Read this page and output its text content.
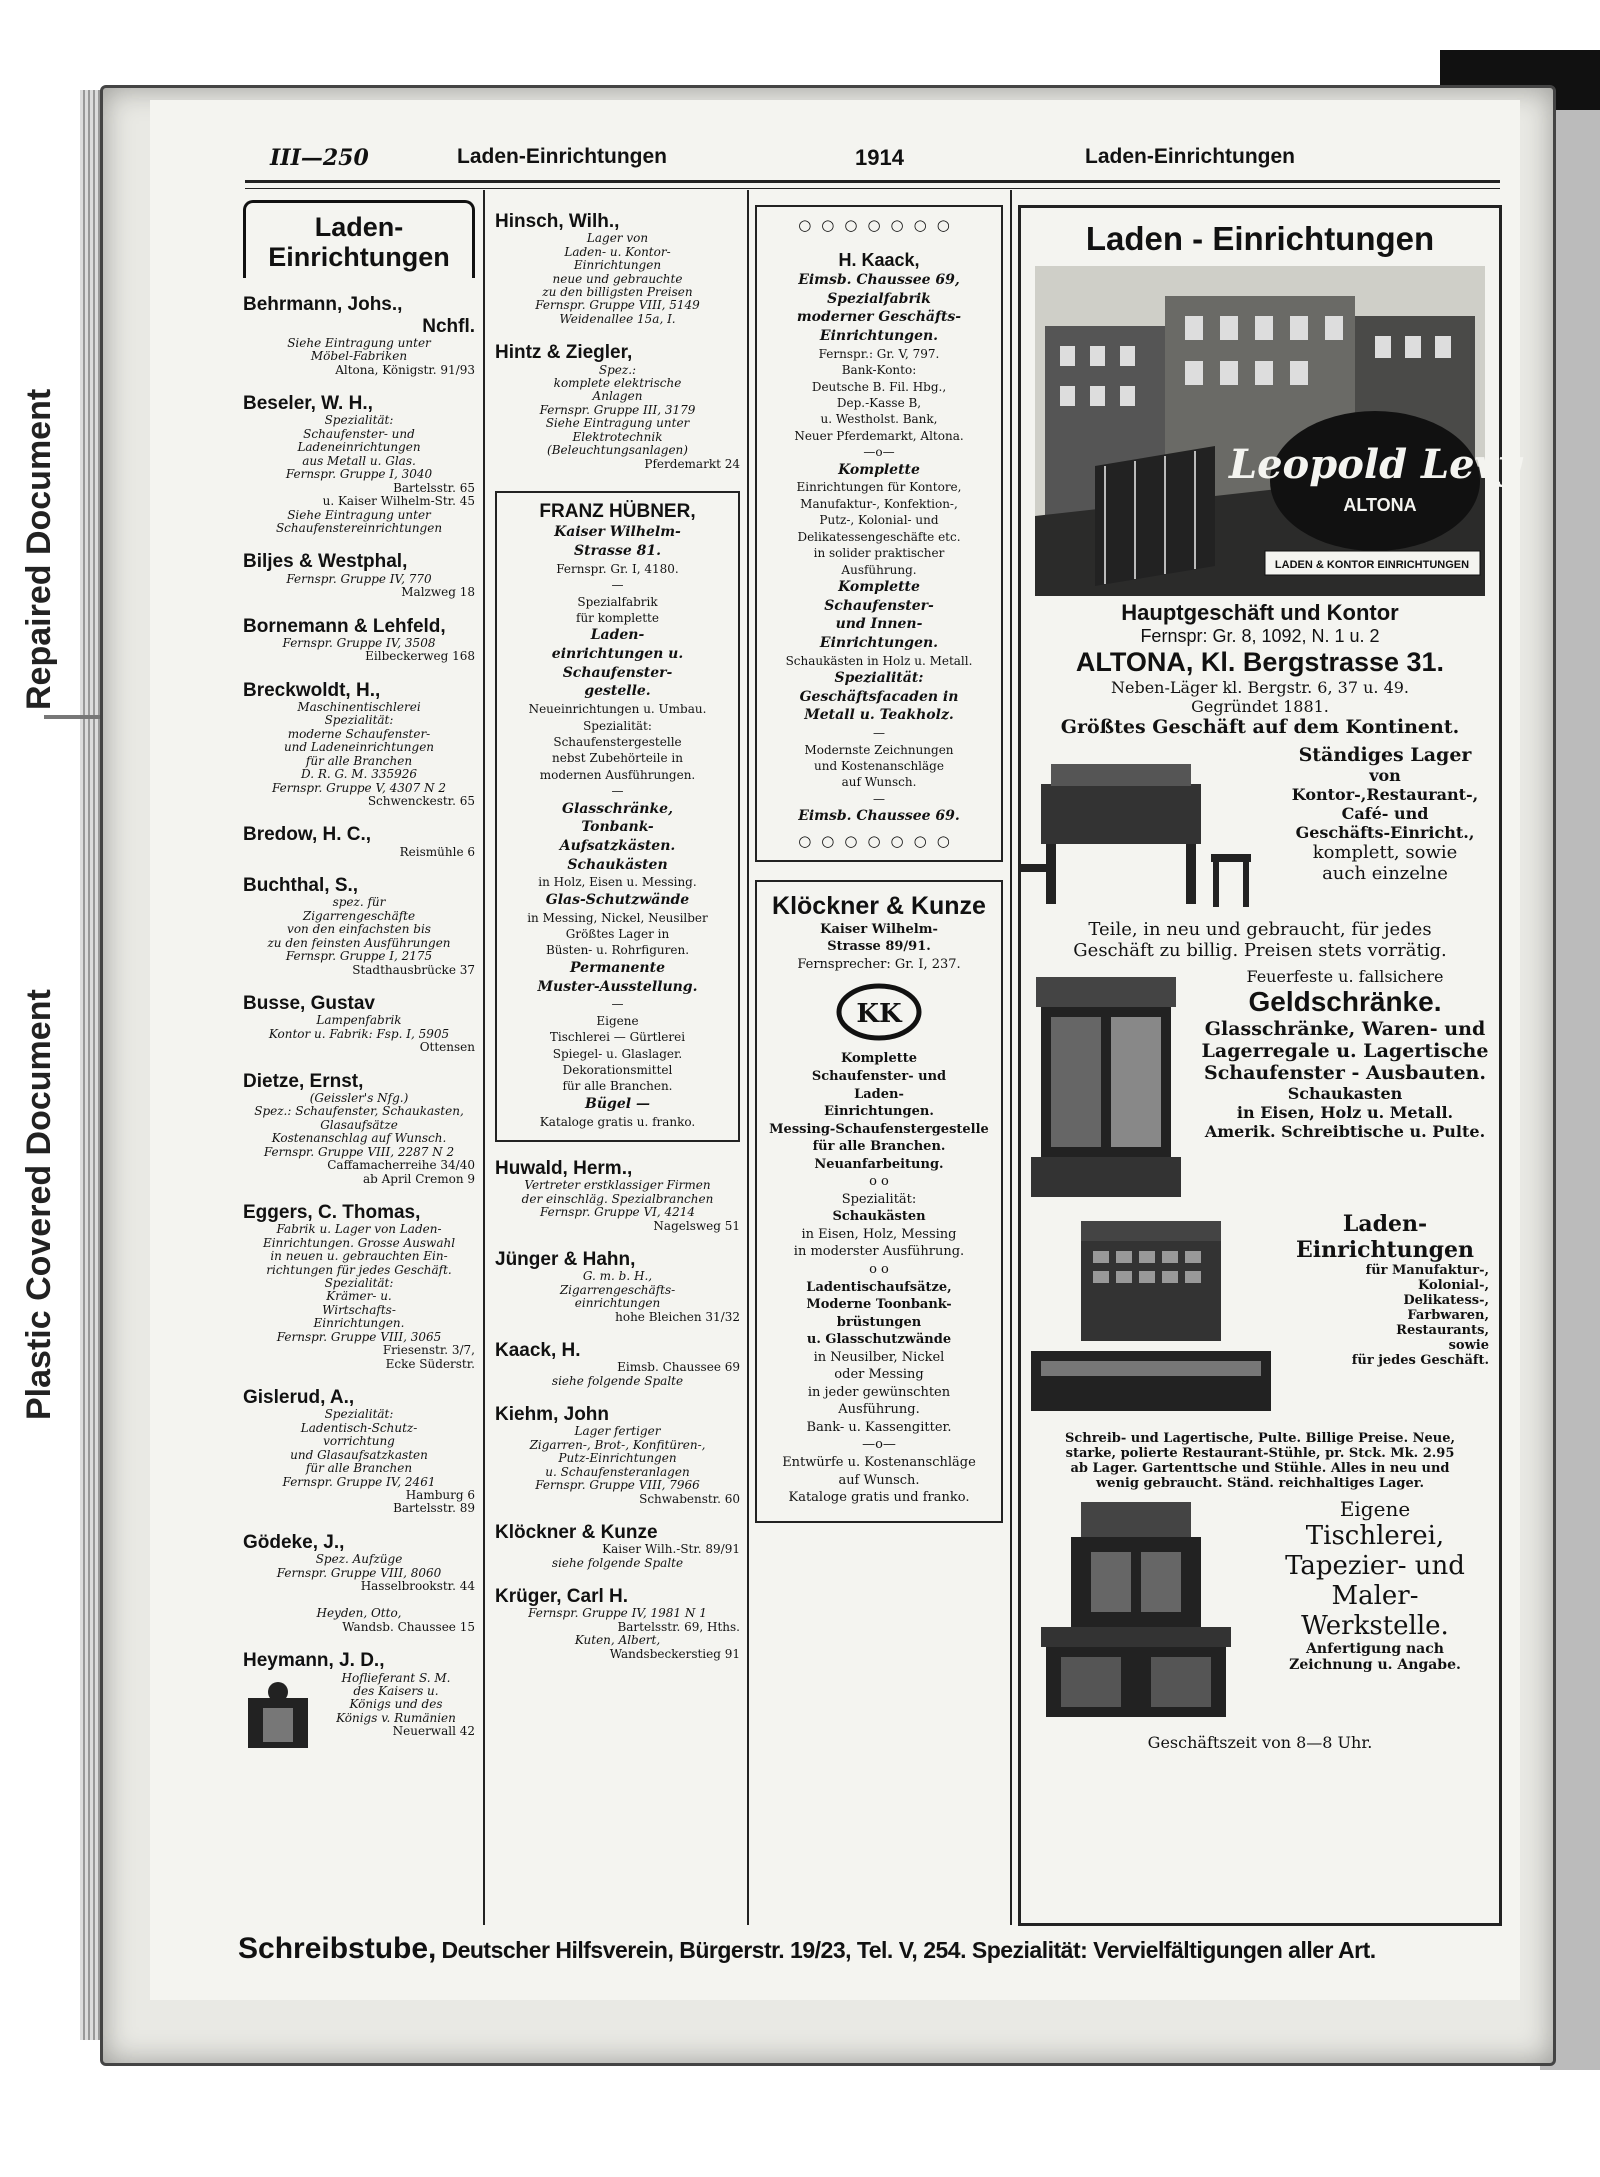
Repaired Document
Plastic Covered Document
III—250	Laden-Einrichtungen	1914	Laden-Einrichtungen
Laden-
Einrichtungen
Behrmann, Johs.,
Nchfl.
Siehe Eintragung unter
Möbel-Fabriken
Altona, Königstr. 91/93
Beseler, W. H.,
Spezialität:
Schaufenster- und
Ladeneinrichtungen
aus Metall u. Glas.
Fernspr. Gruppe I, 3040
Bartelsstr. 65
u. Kaiser Wilhelm-Str. 45
Siehe Eintragung unter
Schaufenstereinrichtungen
Biljes & Westphal,
Fernspr. Gruppe IV, 770
Malzweg 18
Bornemann & Lehfeld,
Fernspr. Gruppe IV, 3508
Eilbeckerweg 168
Breckwoldt, H.,
Maschinentischlerei
Spezialität:
moderne Schaufenster-
und Ladeneinrichtungen
für alle Branchen
D. R. G. M. 335926
Fernspr. Gruppe V, 4307 N 2
Schwenckestr. 65
Bredow, H. C.,
Reismühle 6
Buchthal, S.,
spez. für
Zigarrengeschäfte
von den einfachsten bis
zu den feinsten Ausführungen
Fernspr. Gruppe I, 2175
Stadthausbrücke 37
Busse, Gustav
Lampenfabrik
Kontor u. Fabrik: Fsp. I, 5905
Ottensen
Dietze, Ernst,
(Geissler's Nfg.)
Spez.: Schaufenster, Schaukasten,
Glasaufsätze
Kostenanschlag auf Wunsch.
Fernspr. Gruppe VIII, 2287 N 2
Caffamacherreihe 34/40
ab April Cremon 9
Eggers, C. Thomas,
Fabrik u. Lager von Laden-
Einrichtungen. Grosse Auswahl
in neuen u. gebrauchten Ein-
richtungen für jedes Geschäft.
Spezialität:
Krämer- u.
Wirtschafts-
Einrichtungen.
Fernspr. Gruppe VIII, 3065
Friesenstr. 3/7,
Ecke Süderstr.
Gislerud, A.,
Spezialität:
Ladentisch-Schutz-
vorrichtung
und Glasaufsatzkasten
für alle Branchen
Fernspr. Gruppe IV, 2461
Hamburg 6
Bartelsstr. 89
Gödeke, J.,
Spez. Aufzüge
Fernspr. Gruppe VIII, 8060
Hasselbrookstr. 44
Heyden, Otto,
Wandsb. Chaussee 15
Heymann, J. D.,
Hoflieferant S. M.
des Kaisers u.
Königs und des
Königs v. Rumänien
Neuerwall 42
Hinsch, Wilh.,
Lager von
Laden- u. Kontor-
Einrichtungen
neue und gebrauchte
zu den billigsten Preisen
Fernspr. Gruppe VIII, 5149
Weidenallee 15a, I.
Hintz & Ziegler,
Spez.:
komplete elektrische
Anlagen
Fernspr. Gruppe III, 3179
Siehe Eintragung unter
Elektrotechnik
(Beleuchtungsanlagen)
Pferdemarkt 24
FRANZ HÜBNER,
Kaiser Wilhelm-
Strasse 81.
Fernspr. Gr. I, 4180.
—
Spezialfabrik
für komplette
Laden-
einrichtungen u.
Schaufenster-
gestelle.
Neueinrichtungen u. Umbau.
Spezialität:
Schaufenstergestelle
nebst Zubehörteile in
modernen Ausführungen.
—
Glasschränke,
Tonbank-
Aufsatzkästen.
Schaukästen
in Holz, Eisen u. Messing.
Glas-Schutzwände
in Messing, Nickel, Neusilber
Größtes Lager in
Büsten- u. Rohrfiguren.
Permanente
Muster-Ausstellung.
—
Eigene
Tischlerei — Gürtlerei
Spiegel- u. Glaslager.
Dekorationsmittel
für alle Branchen.
Bügel —
Kataloge gratis u. franko.
Huwald, Herm.,
Vertreter erstklassiger Firmen
der einschläg. Spezialbranchen
Fernspr. Gruppe VI, 4214
Nagelsweg 51
Jünger & Hahn,
G. m. b. H.,
Zigarrengeschäfts-
einrichtungen
hohe Bleichen 31/32
Kaack, H.
Eimsb. Chaussee 69
siehe folgende Spalte
Kiehm, John
Lager fertiger
Zigarren-, Brot-, Konfitüren-,
Putz-Einrichtungen
u. Schaufensteranlagen
Fernspr. Gruppe VIII, 7966
Schwabenstr. 60
Klöckner & Kunze
Kaiser Wilh.-Str. 89/91
siehe folgende Spalte
Krüger, Carl H.
Fernspr. Gruppe IV, 1981 N 1
Bartelsstr. 69, Hths.
Kuten, Albert,
Wandsbeckerstieg 91
○○○○○○○
H. Kaack,
Eimsb. Chaussee 69,
Spezialfabrik
moderner Geschäfts-
Einrichtungen.
Fernspr.: Gr. V, 797.
Bank-Konto:
Deutsche B. Fil. Hbg.,
Dep.-Kasse B,
u. Westholst. Bank,
Neuer Pferdemarkt, Altona.
—o—
Komplette
Einrichtungen für Kontore,
Manufaktur-, Konfektion-,
Putz-, Kolonial- und
Delikatessengeschäfte etc.
in solider praktischer
Ausführung.
Komplette
Schaufenster-
und Innen-
Einrichtungen.
Schaukästen in Holz u. Metall.
Spezialität:
Geschäftsfacaden in
Metall u. Teakholz.
—
Modernste Zeichnungen
und Kostenanschläge
auf Wunsch.
—
Eimsb. Chaussee 69.
○○○○○○○
Klöckner & Kunze
Kaiser Wilhelm-
Strasse 89/91.
Fernsprecher: Gr. I, 237.
KK
Komplette
Schaufenster- und
Laden-
Einrichtungen.
Messing-Schaufenstergestelle
für alle Branchen.
Neuanfarbeitung.
o o
Spezialität:
Schaukästen
in Eisen, Holz, Messing
in moderster Ausführung.
o o
Ladentischaufsätze,
Moderne Toonbank-
brüstungen
u. Glasschutzwände
in Neusilber, Nickel
oder Messing
in jeder gewünschten
Ausführung.
Bank- u. Kassengitter.
—o—
Entwürfe u. Kostenanschläge
auf Wunsch.
Kataloge gratis und franko.
Laden - Einrichtungen
Leopold Levy
ALTONA
LADEN & KONTOR EINRICHTUNGEN
Hauptgeschäft und Kontor
Fernspr: Gr. 8, 1092, N. 1 u. 2
ALTONA, Kl. Bergstrasse 31.
Neben-Läger kl. Bergstr. 6, 37 u. 49.
Gegründet 1881.
Größtes Geschäft auf dem Kontinent.
Ständiges Lager
von
Kontor-,Restaurant-,
Café- und
Geschäfts-Einricht.,
komplett, sowie
auch einzelne
Teile, in neu und gebraucht, für jedes
Geschäft zu billig. Preisen stets vorrätig.
Feuerfeste u. fallsichere
Geldschränke.
Glasschränke, Waren- und
Lagerregale u. Lagertische
Schaufenster - Ausbauten.
Schaukasten
in Eisen, Holz u. Metall.
Amerik. Schreibtische u. Pulte.
Laden-
Einrichtungen
für Manufaktur-,
Kolonial-,
Delikatess-,
Farbwaren,
Restaurants,
sowie
für jedes Geschäft.
Schreib- und Lagertische, Pulte. Billige Preise. Neue,
starke, polierte Restaurant-Stühle, pr. Stck. Mk. 2.95
ab Lager. Gartenttsche und Stühle. Alles in neu und
wenig gebraucht. Ständ. reichhaltiges Lager.
Eigene
Tischlerei,
Tapezier- und
Maler-
Werkstelle.
Anfertigung nach
Zeichnung u. Angabe.
Geschäftszeit von 8—8 Uhr.
Schreibstube, Deutscher Hilfsverein, Bürgerstr. 19/23, Tel. V, 254. Spezialität: Vervielfältigungen aller Art.
